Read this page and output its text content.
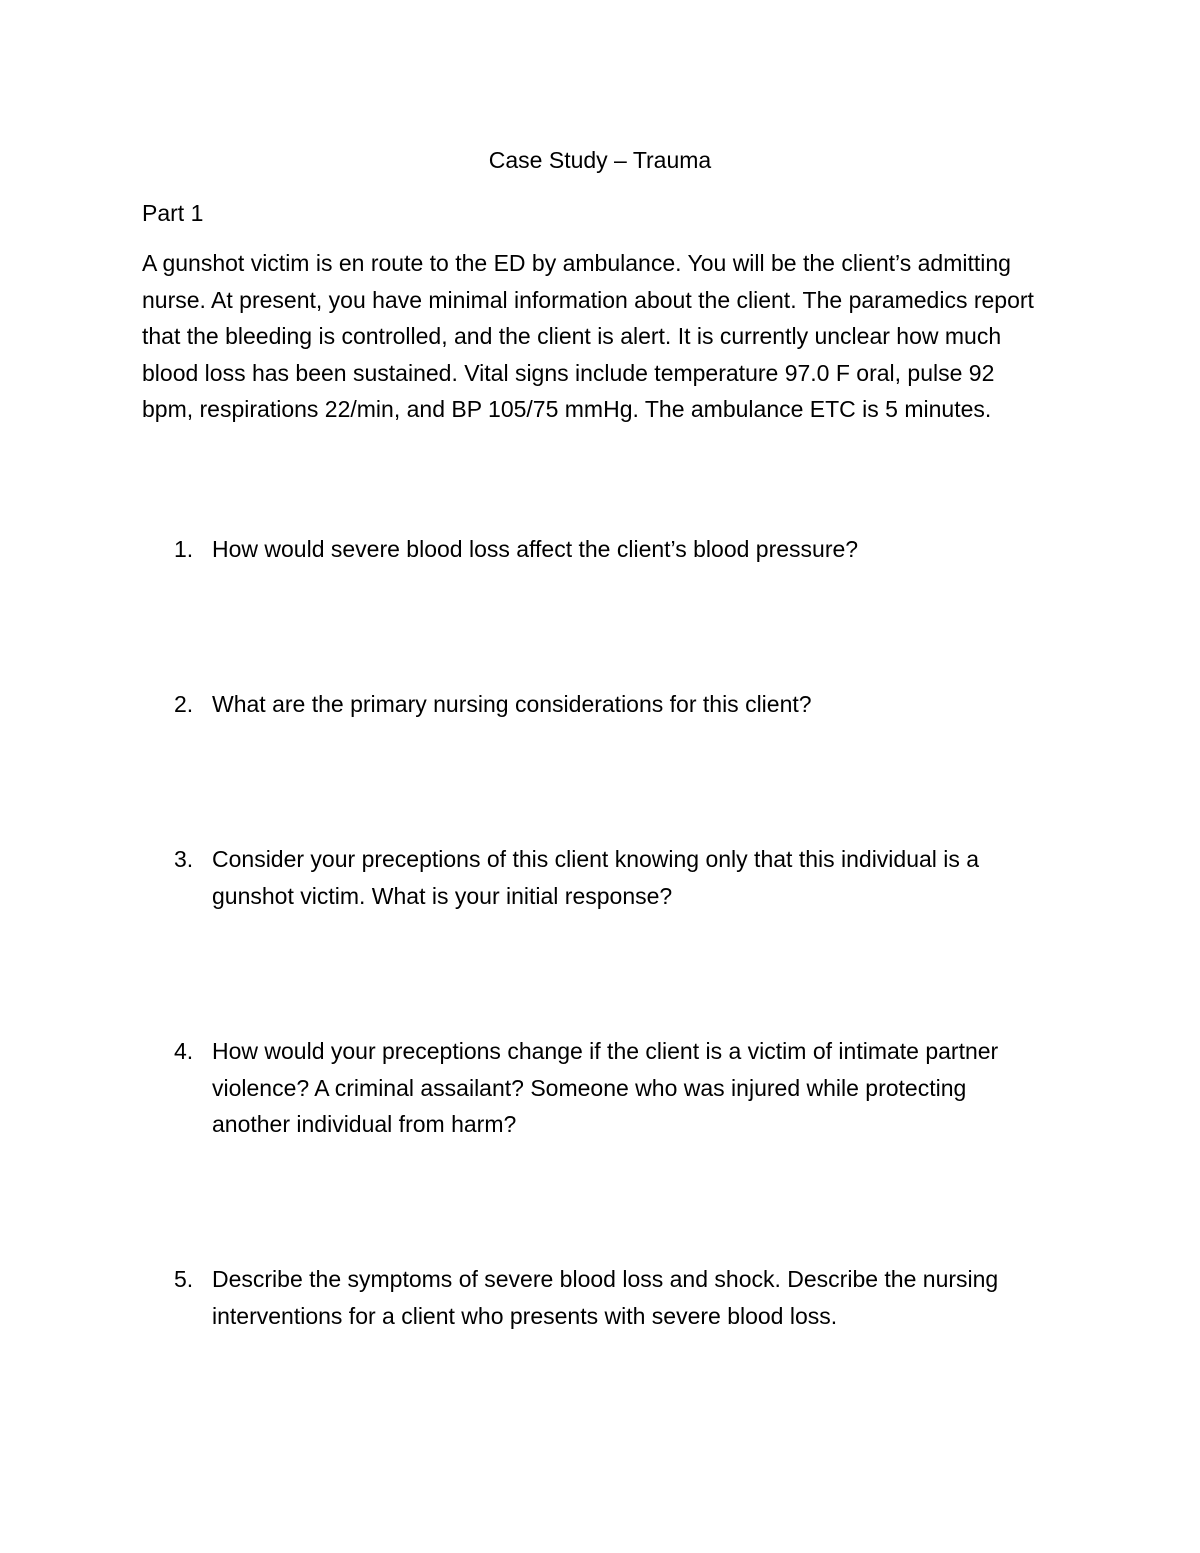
Case Study – Trauma

Part 1

A gunshot victim is en route to the ED by ambulance. You will be the client’s admitting nurse. At present, you have minimal information about the client. The paramedics report that the bleeding is controlled, and the client is alert. It is currently unclear how much blood loss has been sustained. Vital signs include temperature 97.0 F oral, pulse 92 bpm, respirations 22/min, and BP 105/75 mmHg. The ambulance ETC is 5 minutes.

1. How would severe blood loss affect the client’s blood pressure?
2. What are the primary nursing considerations for this client?
3. Consider your preceptions of this client knowing only that this individual is a gunshot victim. What is your initial response?
4. How would your preceptions change if the client is a victim of intimate partner violence? A criminal assailant? Someone who was injured while protecting another individual from harm?
5. Describe the symptoms of severe blood loss and shock. Describe the nursing interventions for a client who presents with severe blood loss.
